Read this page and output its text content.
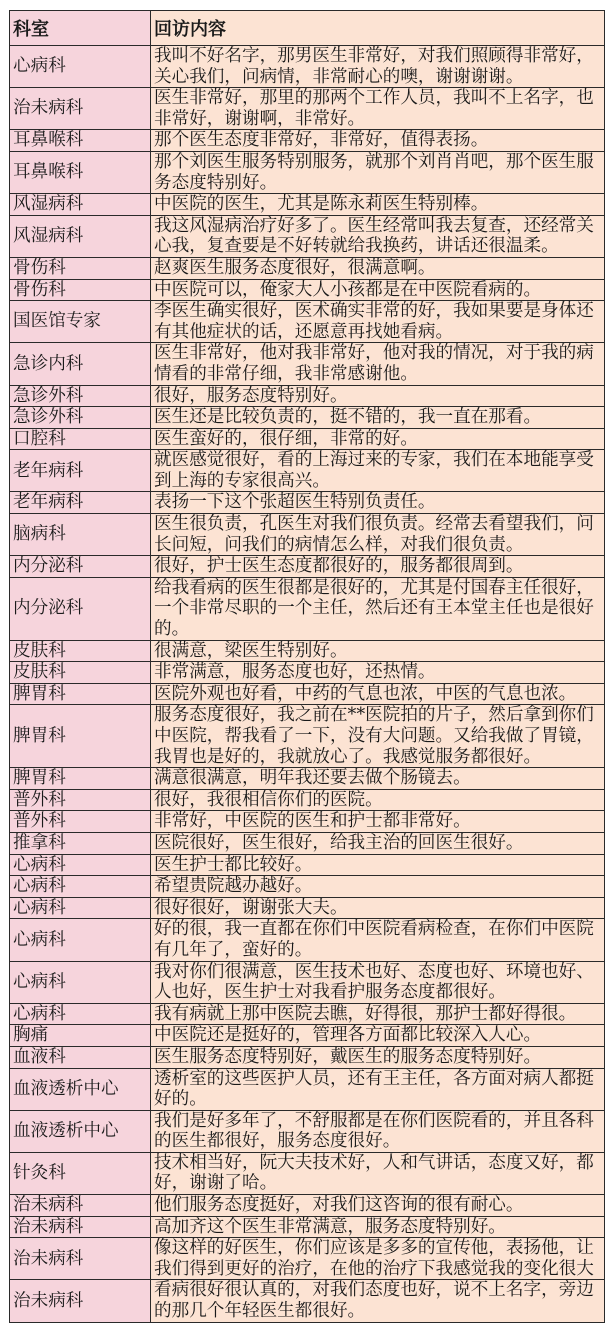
科室	回访内容
心病科	我叫不好名字，那男医生非常好，对我们照顾得非常好，关心我们，问病情，非常耐心的噢，谢谢谢谢。
治未病科	医生非常好，那里的那两个工作人员，我叫不上名字，也非常好，谢谢啊，非常好。
耳鼻喉科	那个医生态度非常好，非常好，值得表扬。
耳鼻喉科	那个刘医生服务特别服务，就那个刘肖肖吧，那个医生服务态度特别好。
风湿病科	中医院的医生，尤其是陈永莉医生特别棒。
风湿病科	我这风湿病治疗好多了。医生经常叫我去复查，还经常关心我，复查要是不好转就给我换药，讲话还很温柔。
骨伤科	赵爽医生服务态度很好，很满意啊。
骨伤科	中医院可以，俺家大人小孩都是在中医院看病的。
国医馆专家	李医生确实很好，医术确实非常的好，我如果要是身体还有其他症状的话，还愿意再找她看病。
急诊内科	医生非常好，他对我非常好，他对我的情况，对于我的病情看的非常仔细，我非常感谢他。
急诊外科	很好，服务态度特别好。
急诊外科	医生还是比较负责的，挺不错的，我一直在那看。
口腔科	医生蛮好的，很仔细，非常的好。
老年病科	就医感觉很好，看的上海过来的专家，我们在本地能享受到上海的专家很高兴。
老年病科	表扬一下这个张超医生特别负责任。
脑病科	医生很负责，孔医生对我们很负责。经常去看望我们，问长问短，问我们的病情怎么样，对我们很负责。
内分泌科	很好，护士医生态度都很好的，服务都很周到。
内分泌科	给我看病的医生很都是很好的，尤其是付国春主任很好，一个非常尽职的一个主任，然后还有王本堂主任也是很好的。
皮肤科	很满意，梁医生特别好。
皮肤科	非常满意，服务态度也好，还热情。
脾胃科	医院外观也好看，中药的气息也浓，中医的气息也浓。
脾胃科	服务态度很好，我之前在**医院拍的片子，然后拿到你们中医院，帮我看了一下，没有大问题。又给我做了胃镜，我胃也是好的，我就放心了。我感觉服务都很好。
脾胃科	满意很满意，明年我还要去做个肠镜去。
普外科	很好，我很相信你们的医院。
普外科	非常好，中医院的医生和护士都非常好。
推拿科	医院很好，医生很好，给我主治的回医生很好。
心病科	医生护士都比较好。
心病科	希望贵院越办越好。
心病科	很好很好，谢谢张大夫。
心病科	好的很，我一直都在你们中医院看病检查，在你们中医院有几年了，蛮好的。
心病科	我对你们很满意，医生技术也好、态度也好、环境也好、人也好，医生护士对我看护服务态度都很好。
心病科	我有病就上那中医院去瞧，好得很，那护士都好得很。
胸痛	中医院还是挺好的，管理各方面都比较深入人心。
血液科	医生服务态度特别好，戴医生的服务态度特别好。
血液透析中心	透析室的这些医护人员，还有王主任，各方面对病人都挺好的。
血液透析中心	我们是好多年了，不舒服都是在你们医院看的，并且各科的医生都很好，服务态度很好。
针灸科	技术相当好，阮大夫技术好，人和气讲话，态度又好，都好，谢谢了哈。
治未病科	他们服务态度挺好，对我们这咨询的很有耐心。
治未病科	高加齐这个医生非常满意，服务态度特别好。
治未病科	像这样的好医生，你们应该是多多的宣传他，表扬他，让我们得到更好的治疗，在他的治疗下我感觉我的变化很大
治未病科	看病很好很认真的，对我们态度也好，说不上名字，旁边的那几个年轻医生都很好。
